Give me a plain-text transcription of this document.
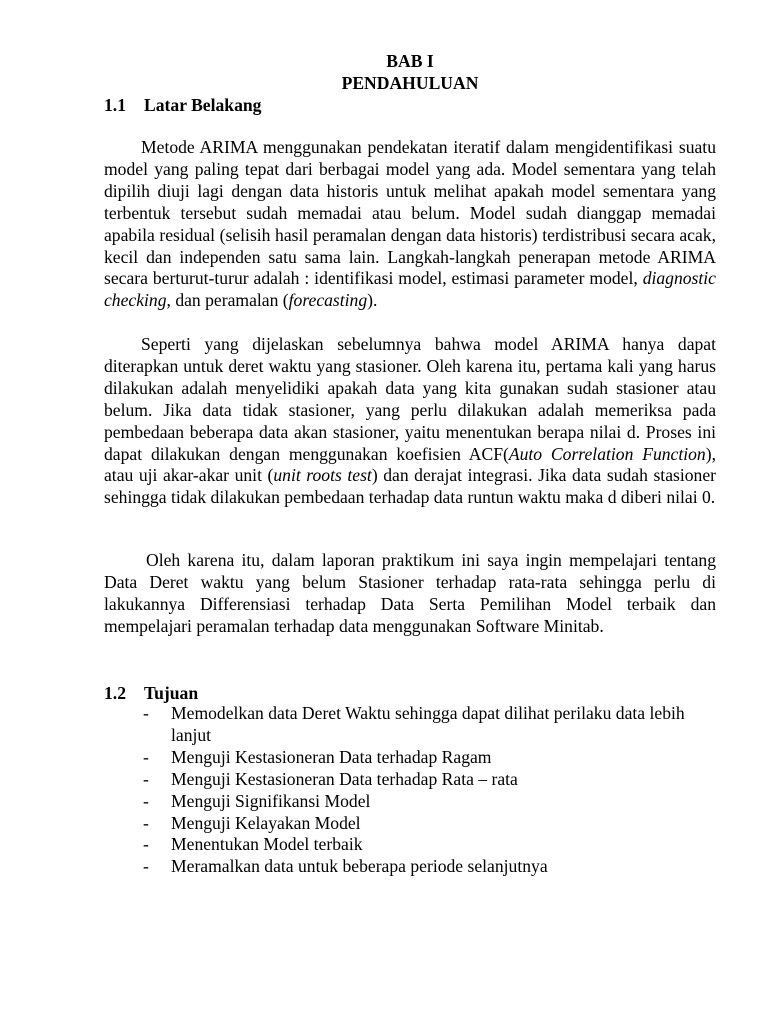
BAB I
PENDAHULUAN
1.1 Latar Belakang

Metode ARIMA menggunakan pendekatan iteratif dalam mengidentifikasi suatu model yang paling tepat dari berbagai model yang ada. Model sementara yang telah dipilih diuji lagi dengan data historis untuk melihat apakah model sementara yang terbentuk tersebut sudah memadai atau belum. Model sudah dianggap memadai apabila residual (selisih hasil peramalan dengan data historis) terdistribusi secara acak, kecil dan independen satu sama lain. Langkah-langkah penerapan metode ARIMA secara berturut-turur adalah : identifikasi model, estimasi parameter model, diagnostic checking, dan peramalan (forecasting).

Seperti yang dijelaskan sebelumnya bahwa model ARIMA hanya dapat diterapkan untuk deret waktu yang stasioner. Oleh karena itu, pertama kali yang harus dilakukan adalah menyelidiki apakah data yang kita gunakan sudah stasioner atau belum. Jika data tidak stasioner, yang perlu dilakukan adalah memeriksa pada pembedaan beberapa data akan stasioner, yaitu menentukan berapa nilai d. Proses ini dapat dilakukan dengan menggunakan koefisien ACF(Auto Correlation Function), atau uji akar-akar unit (unit roots test) dan derajat integrasi. Jika data sudah stasioner sehingga tidak dilakukan pembedaan terhadap data runtun waktu maka d diberi nilai 0.

Oleh karena itu, dalam laporan praktikum ini saya ingin mempelajari tentang Data Deret waktu yang belum Stasioner terhadap rata-rata sehingga perlu di lakukannya Differensiasi terhadap Data Serta Pemilihan Model terbaik dan mempelajari peramalan terhadap data menggunakan Software Minitab.

1.2 Tujuan
- Memodelkan data Deret Waktu sehingga dapat dilihat perilaku data lebih lanjut
- Menguji Kestasioneran Data terhadap Ragam
- Menguji Kestasioneran Data terhadap Rata – rata
- Menguji Signifikansi Model
- Menguji Kelayakan Model
- Menentukan Model terbaik
- Meramalkan data untuk beberapa periode selanjutnya
